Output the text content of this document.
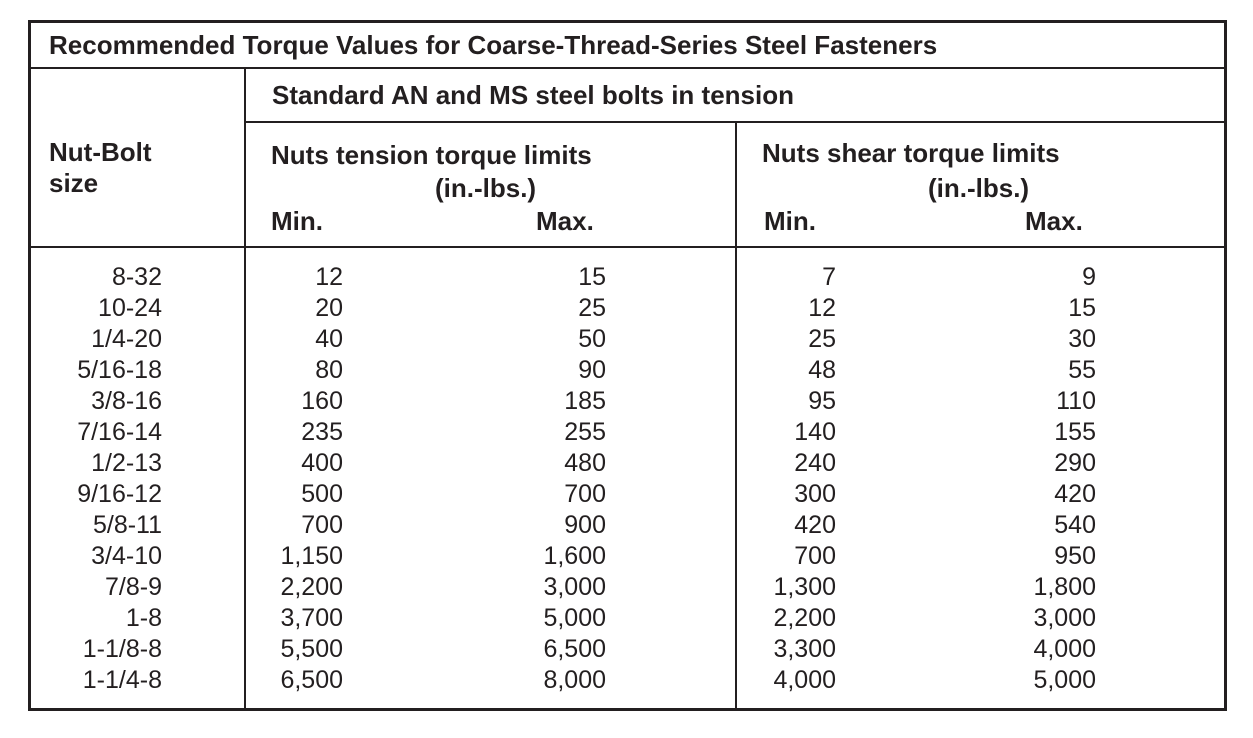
Recommended Torque Values for Coarse-Thread-Series Steel Fasteners
Nut-Bolt
size
Standard AN and MS steel bolts in tension
Nuts tension torque limits
(in.-lbs.)
Min.	Max.
Nuts shear torque limits
(in.-lbs.)
Min.	Max.
8-32
10-24
1/4-20
5/16-18
3/8-16
7/16-14
1/2-13
9/16-12
5/8-11
3/4-10
7/8-9
1-8
1-1/8-8
1-1/4-8
12
20
40
80
160
235
400
500
700
1,150
2,200
3,700
5,500
6,500
15
25
50
90
185
255
480
700
900
1,600
3,000
5,000
6,500
8,000
7
12
25
48
95
140
240
300
420
700
1,300
2,200
3,300
4,000
9
15
30
55
110
155
290
420
540
950
1,800
3,000
4,000
5,000
